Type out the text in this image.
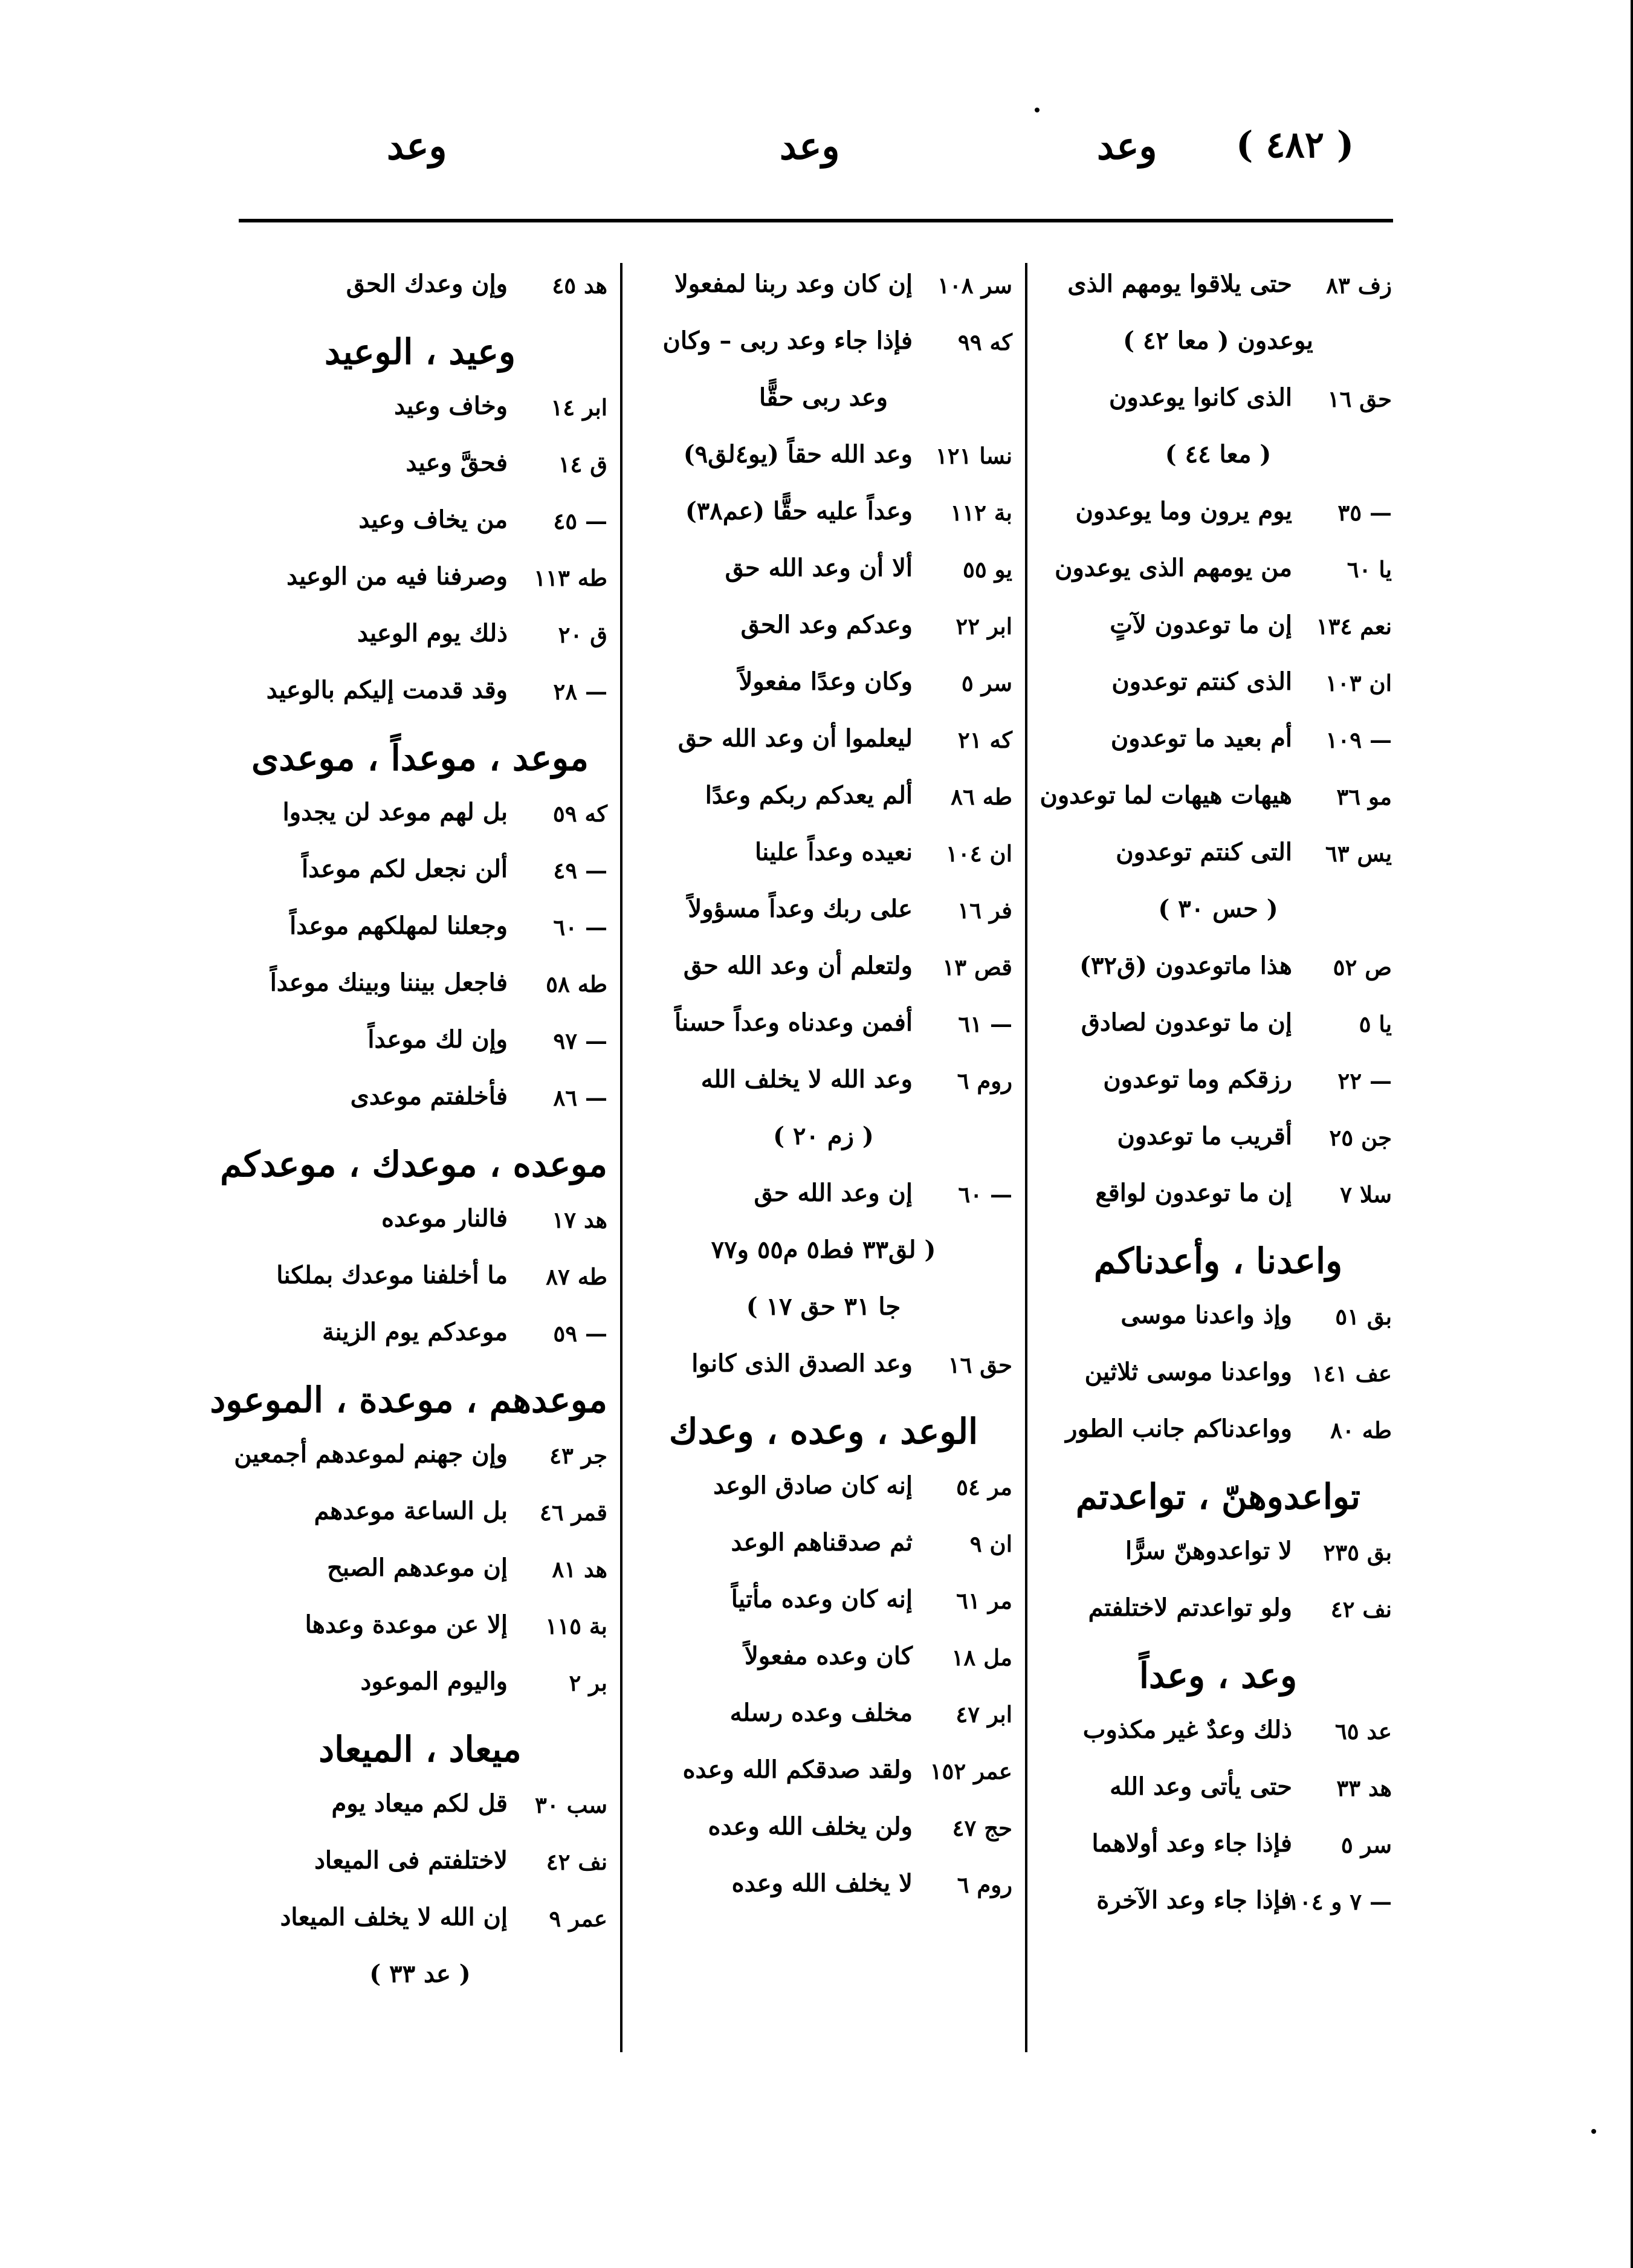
وعد ( ٤٨٢ )
وعد
وعد
زف ٨٣
حتى يلاقوا يومهم الذى
يوعدون ( معا ٤٢ )
حق ١٦
الذى كانوا يوعدون
( معا ٤٤ )
— ٣٥
يوم يرون وما يوعدون
يا ٦٠
من يومهم الذى يوعدون
نعم ١٣٤
إن ما توعدون لآتٍ
ان ١٠٣
الذى كنتم توعدون
— ١٠٩
أم بعيد ما توعدون
مو ٣٦
هيهات هيهات لما توعدون
يس ٦٣
التى كنتم توعدون
( حس ٣٠ )
ص ٥٢
هذا ماتوعدون (ق٣٢)
يا ٥
إن ما توعدون لصادق
— ٢٢
رزقكم وما توعدون
جن ٢٥
أقريب ما توعدون
سلا ٧
إن ما توعدون لواقع
واعدنا ، وأعدناكم
بق ٥١
وإذ واعدنا موسى
عف ١٤١
وواعدنا موسى ثلاثين
طه ٨٠
وواعدناكم جانب الطور
تواعدوهنّ ، تواعدتم
بق ٢٣٥
لا تواعدوهنّ سرًّا
نف ٤٢
ولو تواعدتم لاختلفتم
وعد ، وعداً
عد ٦٥
ذلك وعدٌ غير مكذوب
هد ٣٣
حتى يأتى وعد الله
سر ٥
فإذا جاء وعد أولاهما
— ٧ و ١٠٤
فإذا جاء وعد الآخرة
سر ١٠٨
إن كان وعد ربنا لمفعولا
كه ٩٩
فإذا جاء وعد ربى – وكان
وعد ربى حقًّا
نسا ١٢١
وعد الله حقاً (يو٤لق٩)
بة ١١٢
وعداً عليه حقًّا (عم٣٨)
يو ٥٥
ألا أن وعد الله حق
ابر ٢٢
وعدكم وعد الحق
سر ٥
وكان وعدًا مفعولاً
كه ٢١
ليعلموا أن وعد الله حق
طه ٨٦
ألم يعدكم ربكم وعدًا
ان ١٠٤
نعيده وعداً علينا
فر ١٦
على ربك وعداً مسؤولاً
قص ١٣
ولتعلم أن وعد الله حق
— ٦١
أفمن وعدناه وعداً حسناً
روم ٦
وعد الله لا يخلف الله
( زم ٢٠ )
— ٦٠
إن وعد الله حق
( لق٣٣ فط٥ م٥٥ و٧٧
جا ٣١ حق ١٧ )
حق ١٦
وعد الصدق الذى كانوا
الوعد ، وعده ، وعدك
مر ٥٤
إنه كان صادق الوعد
ان ٩
ثم صدقناهم الوعد
مر ٦١
إنه كان وعده مأتياً
مل ١٨
كان وعده مفعولاً
ابر ٤٧
مخلف وعده رسله
عمر ١٥٢
ولقد صدقكم الله وعده
حج ٤٧
ولن يخلف الله وعده
روم ٦
لا يخلف الله وعده
هد ٤٥
وإن وعدك الحق
وعيد ، الوعيد
ابر ١٤
وخاف وعيد
ق ١٤
فحقَّ وعيد
— ٤٥
من يخاف وعيد
طه ١١٣
وصرفنا فيه من الوعيد
ق ٢٠
ذلك يوم الوعيد
— ٢٨
وقد قدمت إليكم بالوعيد
موعد ، موعداً ، موعدى
كه ٥٩
بل لهم موعد لن يجدوا
— ٤٩
ألن نجعل لكم موعداً
— ٦٠
وجعلنا لمهلكهم موعداً
طه ٥٨
فاجعل بيننا وبينك موعداً
— ٩٧
وإن لك موعداً
— ٨٦
فأخلفتم موعدى
موعده ، موعدك ، موعدكم
هد ١٧
فالنار موعده
طه ٨٧
ما أخلفنا موعدك بملكنا
— ٥٩
موعدكم يوم الزينة
موعدهم ، موعدة ، الموعود
جر ٤٣
وإن جهنم لموعدهم أجمعين
قمر ٤٦
بل الساعة موعدهم
هد ٨١
إن موعدهم الصبح
بة ١١٥
إلا عن موعدة وعدها
بر ٢
واليوم الموعود
ميعاد ، الميعاد
سب ٣٠
قل لكم ميعاد يوم
نف ٤٢
لاختلفتم فى الميعاد
عمر ٩
إن الله لا يخلف الميعاد
( عد ٣٣ )
